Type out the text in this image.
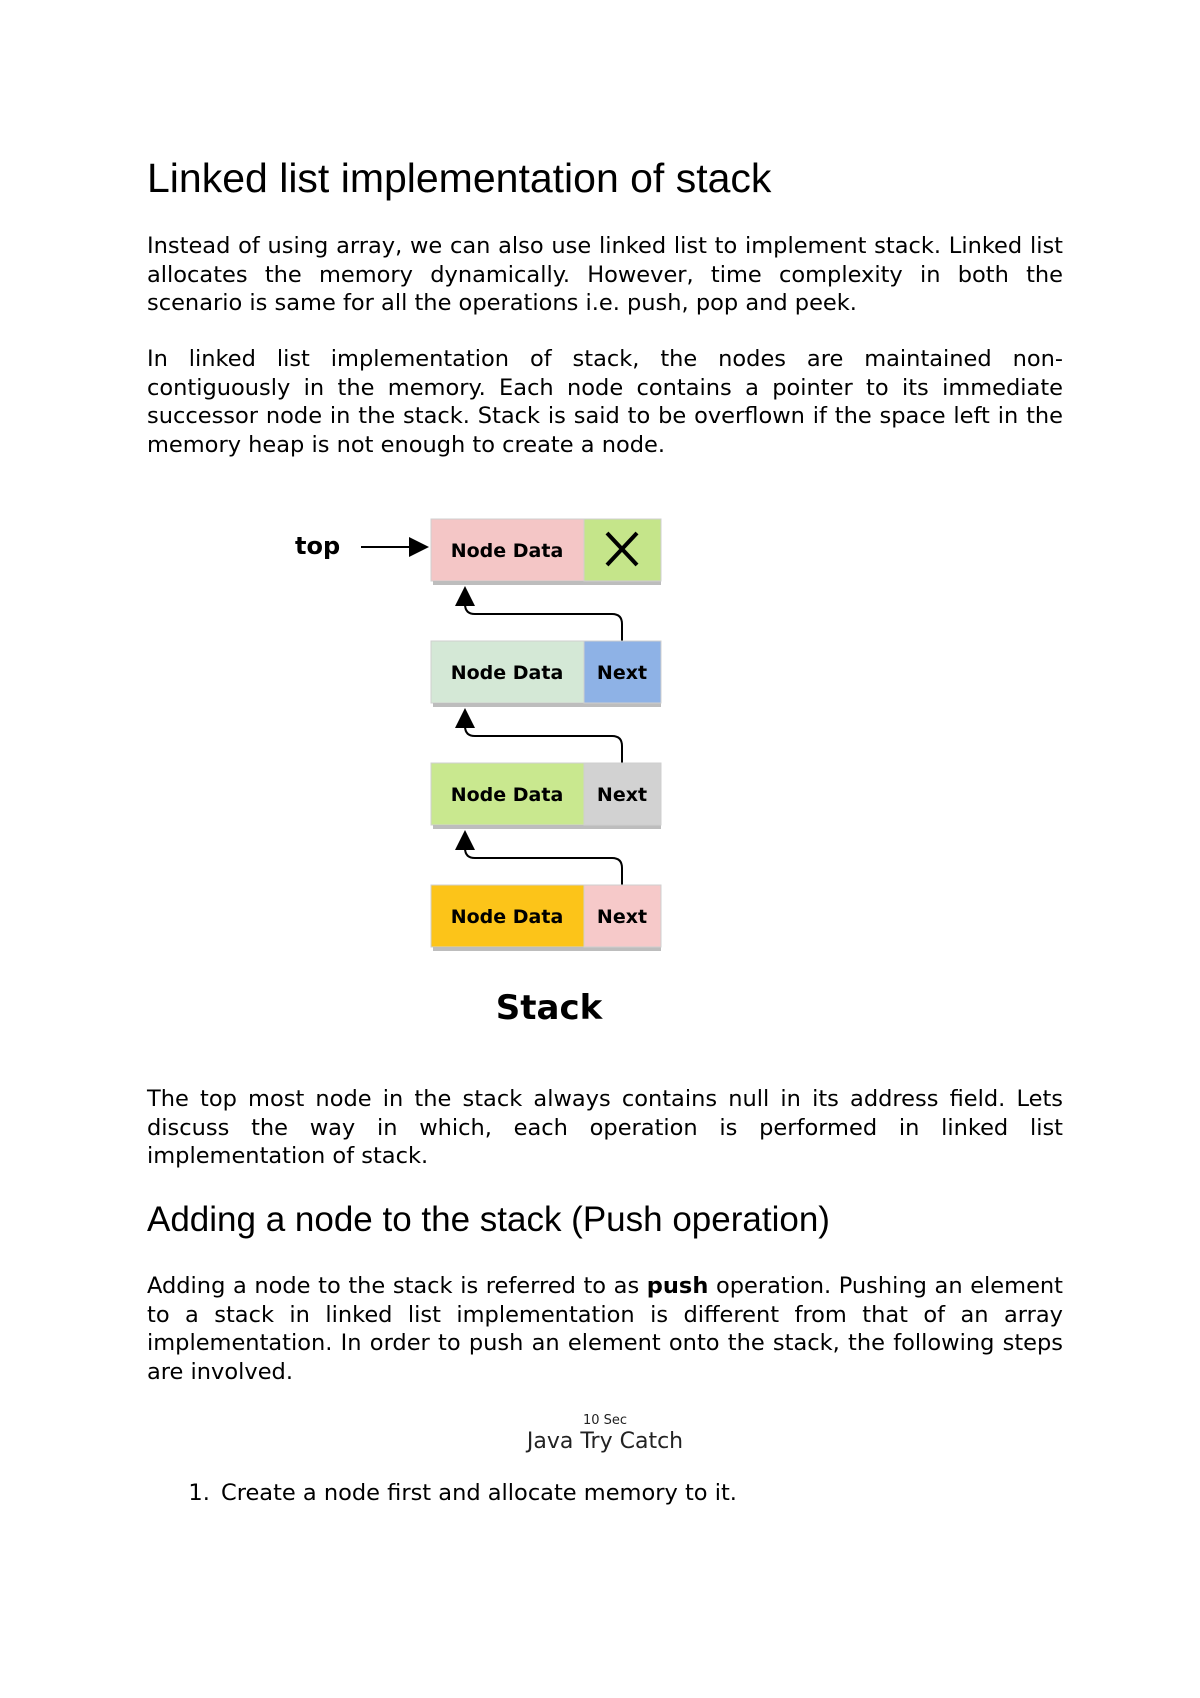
Linked list implementation of stack

Instead of using array, we can also use linked list to implement stack. Linked list allocates the memory dynamically. However, time complexity in both the scenario is same for all the operations i.e. push, pop and peek.

In linked list implementation of stack, the nodes are maintained non-contiguously in the memory. Each node contains a pointer to its immediate successor node in the stack. Stack is said to be overflown if the space left in the memory heap is not enough to create a node.

top	Node Data
Node Data Next
Node Data Next
Node Data Next
Stack

The top most node in the stack always contains null in its address field. Lets discuss the way in which, each operation is performed in linked list implementation of stack.

Adding a node to the stack (Push operation)

Adding a node to the stack is referred to as push operation. Pushing an element to a stack in linked list implementation is different from that of an array implementation. In order to push an element onto the stack, the following steps are involved.

10 Sec
Java Try Catch
1. Create a node first and allocate memory to it.
